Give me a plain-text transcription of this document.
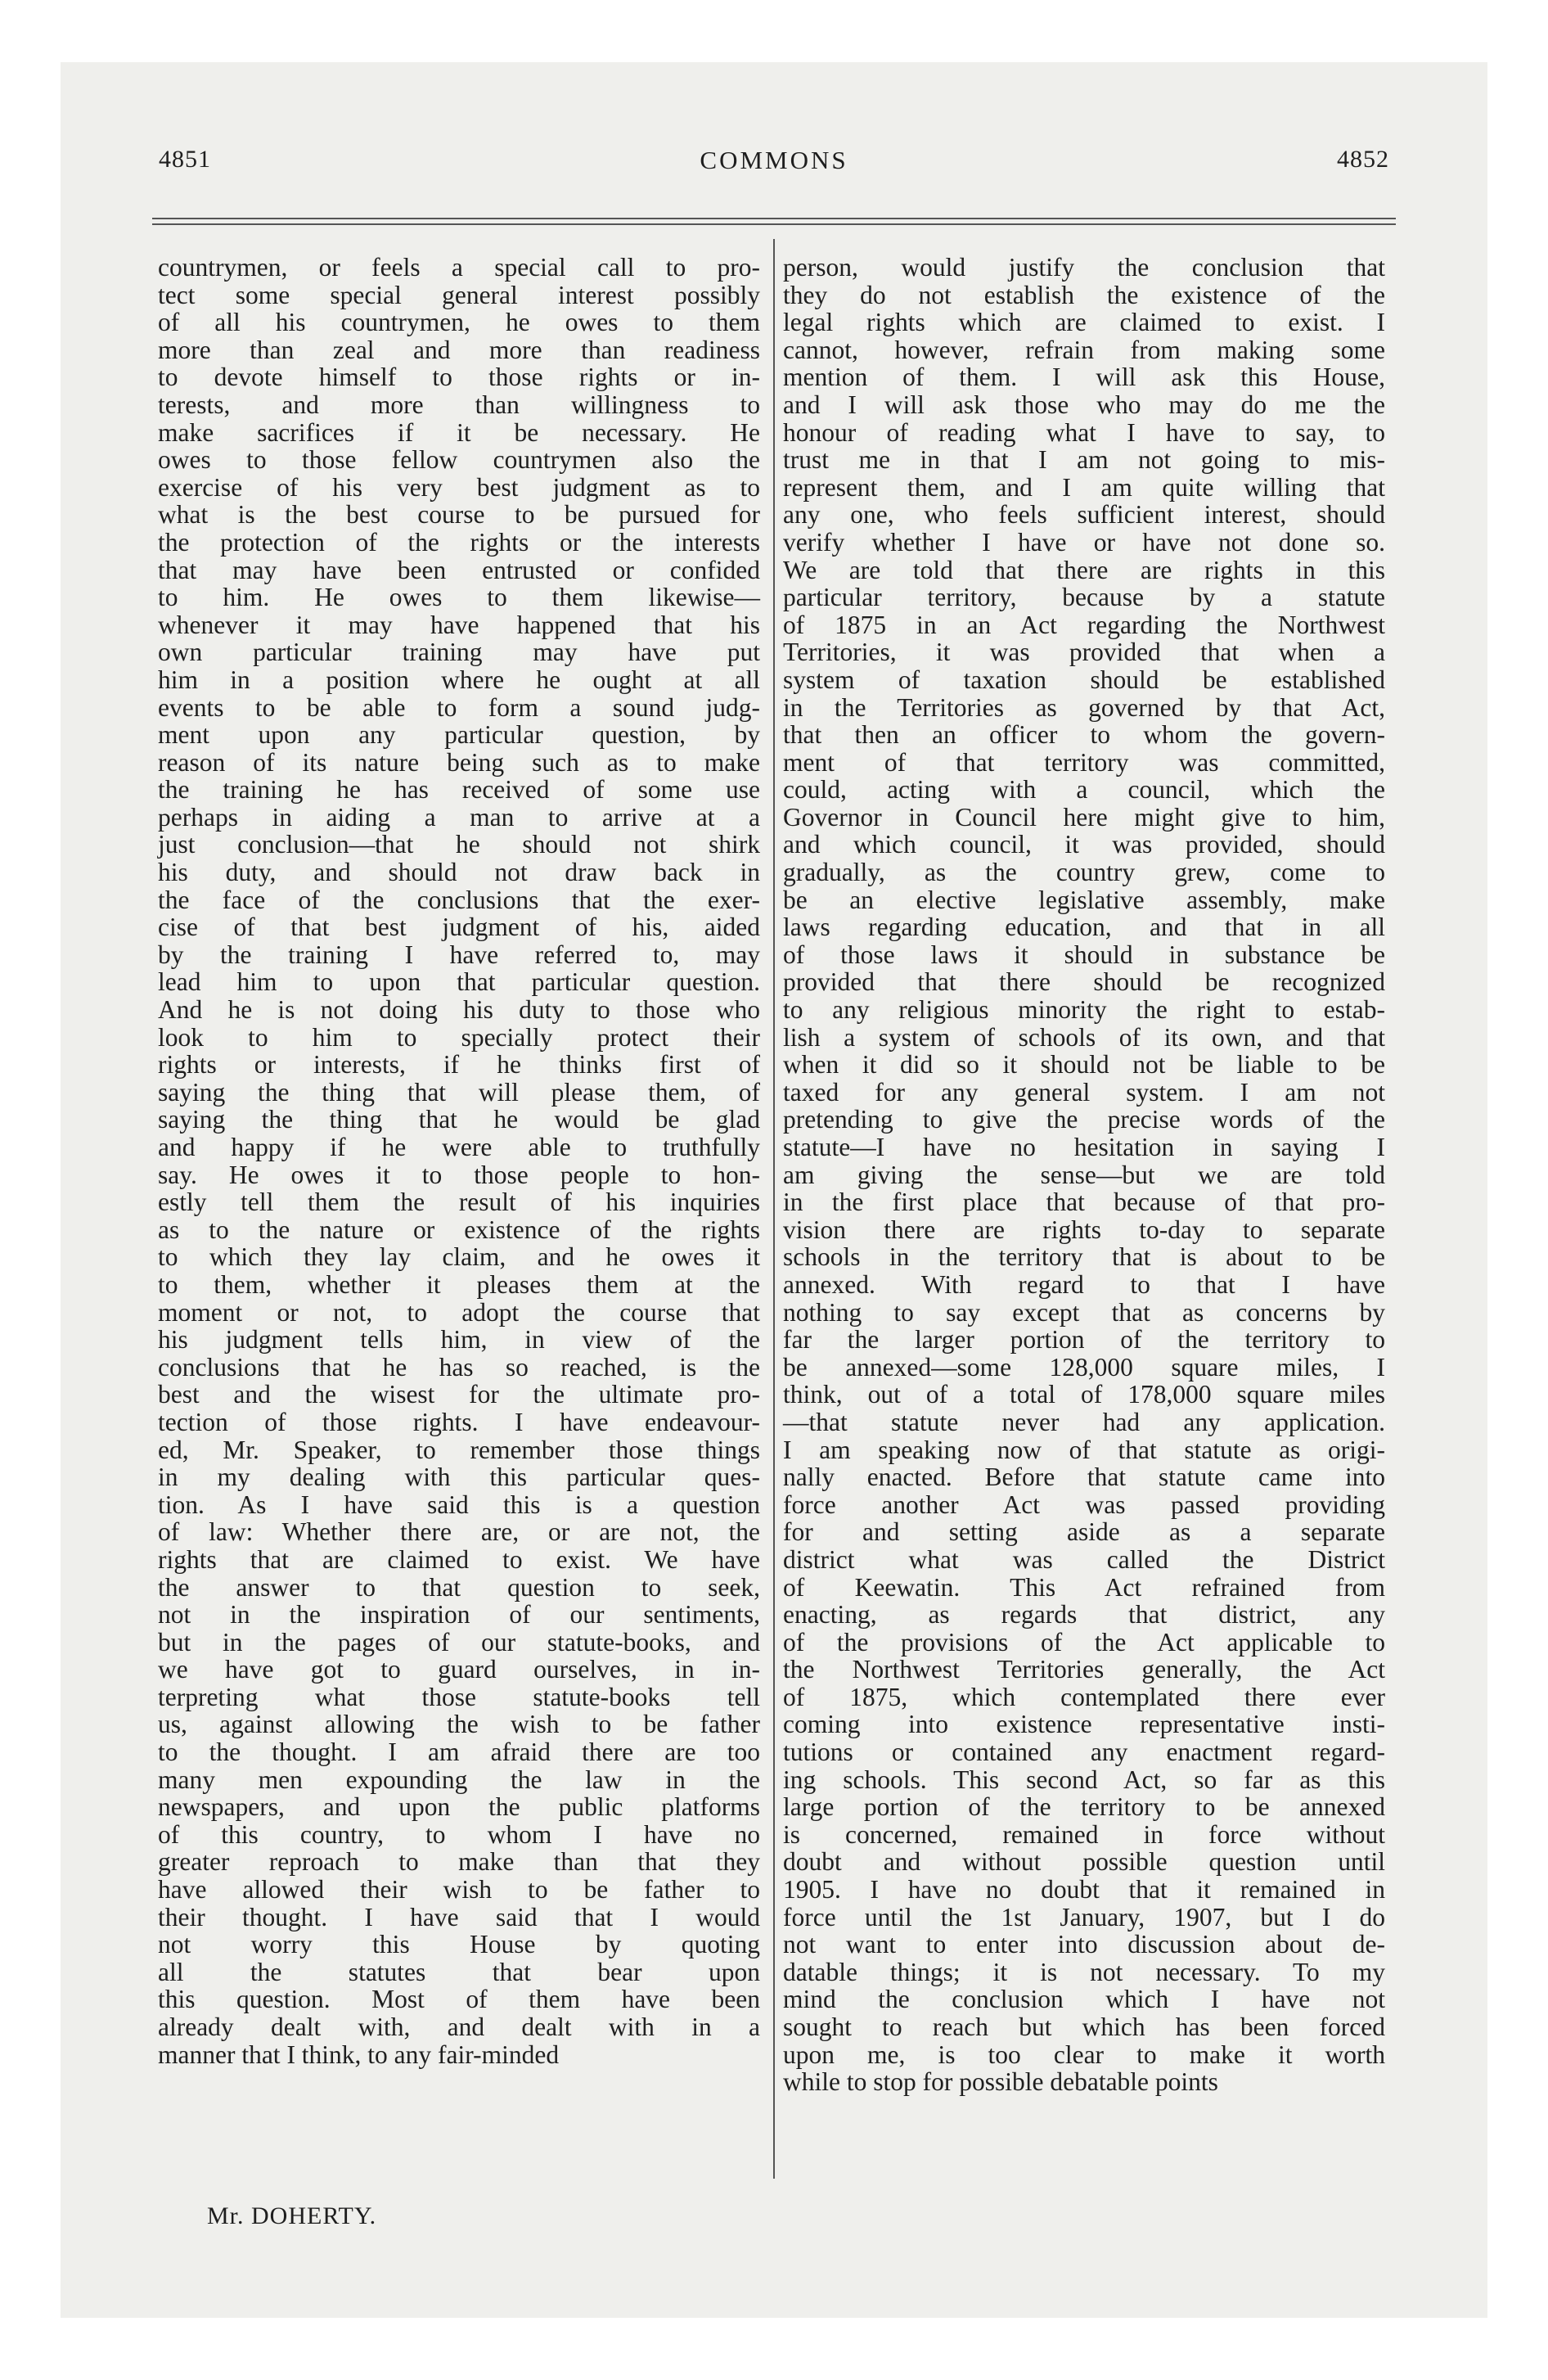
4851	COMMONS	4852
countrymen, or feels a special call to pro-
tect some special general interest possibly
of all his countrymen, he owes to them
more than zeal and more than readiness
to devote himself to those rights or in-
terests, and more than willingness to
make sacrifices if it be necessary. He
owes to those fellow countrymen also the
exercise of his very best judgment as to
what is the best course to be pursued for
the protection of the rights or the interests
that may have been entrusted or confided
to him. He owes to them likewise—
whenever it may have happened that his
own particular training may have put
him in a position where he ought at all
events to be able to form a sound judg-
ment upon any particular question, by
reason of its nature being such as to make
the training he has received of some use
perhaps in aiding a man to arrive at a
just conclusion—that he should not shirk
his duty, and should not draw back in
the face of the conclusions that the exer-
cise of that best judgment of his, aided
by the training I have referred to, may
lead him to upon that particular question.
And he is not doing his duty to those who
look to him to specially protect their
rights or interests, if he thinks first of
saying the thing that will please them, of
saying the thing that he would be glad
and happy if he were able to truthfully
say. He owes it to those people to hon-
estly tell them the result of his inquiries
as to the nature or existence of the rights
to which they lay claim, and he owes it
to them, whether it pleases them at the
moment or not, to adopt the course that
his judgment tells him, in view of the
conclusions that he has so reached, is the
best and the wisest for the ultimate pro-
tection of those rights. I have endeavour-
ed, Mr. Speaker, to remember those things
in my dealing with this particular ques-
tion. As I have said this is a question
of law: Whether there are, or are not, the
rights that are claimed to exist. We have
the answer to that question to seek,
not in the inspiration of our sentiments,
but in the pages of our statute-books, and
we have got to guard ourselves, in in-
terpreting what those statute-books tell
us, against allowing the wish to be father
to the thought. I am afraid there are too
many men expounding the law in the
newspapers, and upon the public platforms
of this country, to whom I have no
greater reproach to make than that they
have allowed their wish to be father to
their thought. I have said that I would
not worry this House by quoting
all the statutes that bear upon
this question. Most of them have been
already dealt with, and dealt with in a
manner that I think, to any fair-minded
person, would justify the conclusion that
they do not establish the existence of the
legal rights which are claimed to exist. I
cannot, however, refrain from making some
mention of them. I will ask this House,
and I will ask those who may do me the
honour of reading what I have to say, to
trust me in that I am not going to mis-
represent them, and I am quite willing that
any one, who feels sufficient interest, should
verify whether I have or have not done so.
We are told that there are rights in this
particular territory, because by a statute
of 1875 in an Act regarding the Northwest
Territories, it was provided that when a
system of taxation should be established
in the Territories as governed by that Act,
that then an officer to whom the govern-
ment of that territory was committed,
could, acting with a council, which the
Governor in Council here might give to him,
and which council, it was provided, should
gradually, as the country grew, come to
be an elective legislative assembly, make
laws regarding education, and that in all
of those laws it should in substance be
provided that there should be recognized
to any religious minority the right to estab-
lish a system of schools of its own, and that
when it did so it should not be liable to be
taxed for any general system. I am not
pretending to give the precise words of the
statute—I have no hesitation in saying I
am giving the sense—but we are told
in the first place that because of that pro-
vision there are rights to-day to separate
schools in the territory that is about to be
annexed. With regard to that I have
nothing to say except that as concerns by
far the larger portion of the territory to
be annexed—some 128,000 square miles, I
think, out of a total of 178,000 square miles
—that statute never had any application.
I am speaking now of that statute as origi-
nally enacted. Before that statute came into
force another Act was passed providing
for and setting aside as a separate
district what was called the District
of Keewatin. This Act refrained from
enacting, as regards that district, any
of the provisions of the Act applicable to
the Northwest Territories generally, the Act
of 1875, which contemplated there ever
coming into existence representative insti-
tutions or contained any enactment regard-
ing schools. This second Act, so far as this
large portion of the territory to be annexed
is concerned, remained in force without
doubt and without possible question until
1905. I have no doubt that it remained in
force until the 1st January, 1907, but I do
not want to enter into discussion about de-
datable things; it is not necessary. To my
mind the conclusion which I have not
sought to reach but which has been forced
upon me, is too clear to make it worth
while to stop for possible debatable points
Mr. DOHERTY.
